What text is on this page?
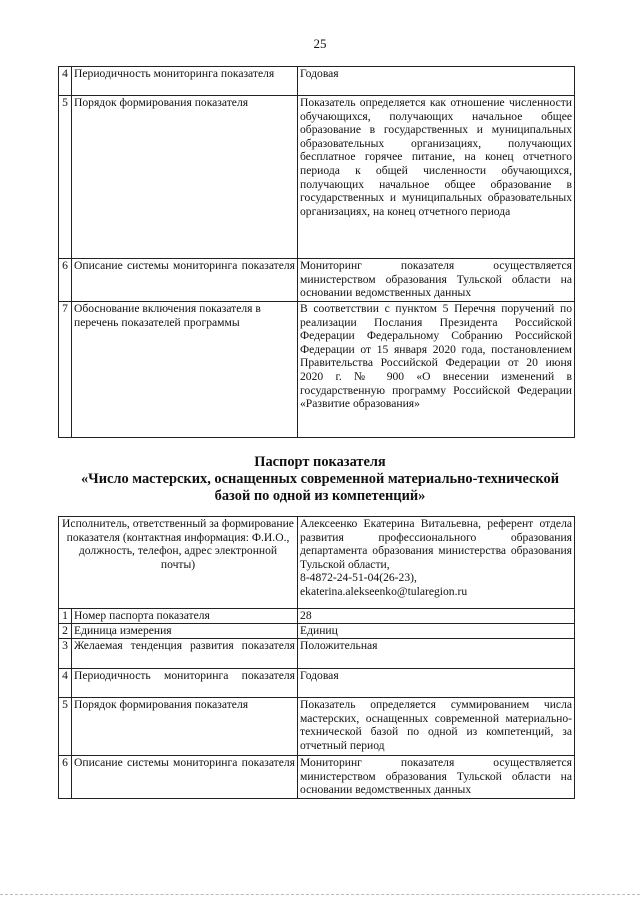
25
4	Периодичность мониторинга показателя	Годовая
5	Порядок формирования показателя	Показатель определяется как отношение численности обучающихся, получающих начальное общее образование в государственных и муниципальных образовательных организациях, получающих бесплатное горячее питание, на конец отчетного периода к общей численности обучающихся, получающих начальное общее образование в государственных и муниципальных образовательных организациях, на конец отчетного периода
6	Описание системы мониторинга показателя	Мониторинг показателя осуществляется министерством образования Тульской области на основании ведомственных данных
7	Обоснование включения показателя в перечень показателей программы	В соответствии с пунктом 5 Перечня поручений по реализации Послания Президента Российской Федерации Федеральному Собранию Российской Федерации от 15 января 2020 года, постановлением Правительства Российской Федерации от 20 июня 2020 г. № 900 «О внесении изменений в государственную программу Российской Федерации «Развитие образования»
Паспорт показателя
«Число мастерских, оснащенных современной материально-технической
базой по одной из компетенций»
Исполнитель, ответственный за формирование показателя (контактная информация: Ф.И.О., должность, телефон, адрес электронной почты)		Алексеенко Екатерина Витальевна, референт отдела развития профессионального образования департамента образования министерства образования Тульской области,
8-4872-24-51-04(26-23),
ekaterina.alekseenko@tularegion.ru

1	Номер паспорта показателя	28
2	Единица измерения	Единиц
3	Желаемая тенденция развития показателя	Положительная
4	Периодичность мониторинга показателя	Годовая
5	Порядок формирования показателя	Показатель определяется суммированием числа мастерских, оснащенных современной материально-технической базой по одной из компетенций, за отчетный период
6	Описание системы мониторинга показателя	Мониторинг показателя осуществляется министерством образования Тульской области на основании ведомственных данных
